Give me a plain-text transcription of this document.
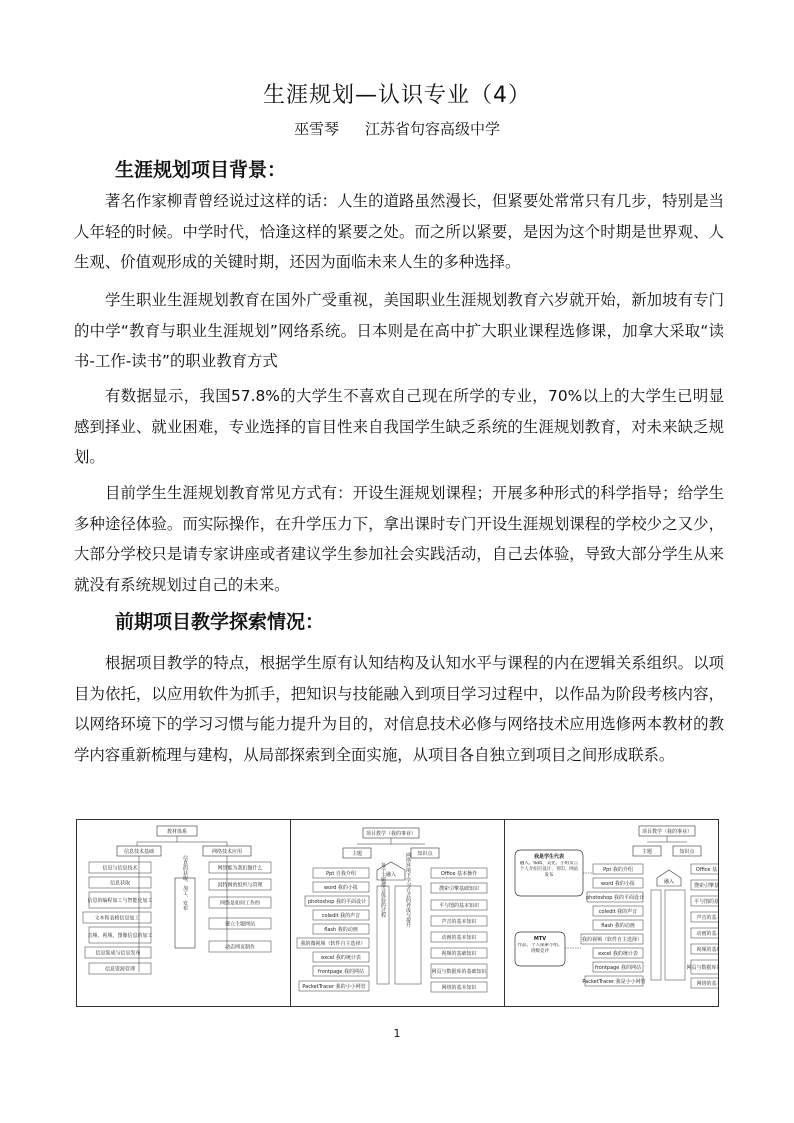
生涯规划—认识专业（4）
巫雪琴 江苏省句容高级中学
生涯规划项目背景：

著名作家柳青曾经说过这样的话：人生的道路虽然漫长，但紧要处常常只有几步，特别是当人年轻的时候。中学时代，恰逢这样的紧要之处。而之所以紧要，是因为这个时期是世界观、人生观、价值观形成的关键时期，还因为面临未来人生的多种选择。

学生职业生涯规划教育在国外广受重视，美国职业生涯规划教育六岁就开始，新加坡有专门的中学“教育与职业生涯规划”网络系统。日本则是在高中扩大职业课程选修课，加拿大采取“读书-工作-读书”的职业教育方式

有数据显示，我国57.8%的大学生不喜欢自己现在所学的专业，70%以上的大学生已明显感到择业、就业困难，专业选择的盲目性来自我国学生缺乏系统的生涯规划教育，对未来缺乏规划。

目前学生生涯规划教育常见方式有：开设生涯规划课程；开展多种形式的科学指导；给学生多种途径体验。而实际操作，在升学压力下，拿出课时专门开设生涯规划课程的学校少之又少，大部分学校只是请专家讲座或者建议学生参加社会实践活动，自己去体验，导致大部分学生从来就没有系统规划过自己的未来。

前期项目教学探索情况：

根据项目教学的特点，根据学生原有认知结构及认知水平与课程的内在逻辑关系组织。以项目为依托，以应用软件为抓手，把知识与技能融入到项目学习过程中，以作品为阶段考核内容，以网络环境下的学习习惯与能力提升为目的，对信息技术必修与网络技术应用选修两本教材的教学内容重新梳理与建构，从局部探索到全面实施，从项目各自独立到项目之间形成联系。

教材体系
信息技术基础	网络技术应用
信息与信息技术
信息获取
信息的编程加工与智能化加工
文本和表格信息加工
音频、视频、图像信息的加工
信息集成与信息发布
信息资源管理
网络能为我们做什么
因特网的组织与管理
网络是如何工作的
建立主题网站
动态网页制作
信息的获取、加工、发布
项目教学（我的事业）
主题	知识点
融入
Ppt 自我介绍
word 我的小报
photoshop 我的平面设计
coledit 我的声音
flash 我的动画
我的微视频（软件自主选择）
excel 我的统计表
frontpage 我的网站
PacketTracer 我的小小网管
Office 基本操作
搜索引擎基础知识
平与图的基本知识
声音的基本知识
动画的基本知识
视频的基础知识
网页与数据库的基础知识
网络的基本知识
每个主题都会体验的过程	网络环境下学习方式的养成与提升
项目教学（我的事业）
主题	知识点
我是学生代表
融入、编辑、美化、小组发言个人介绍页设计、刊印、网站发布
MTV
作品、个人探索小组、班级竞评
融入
Ppt 我的介绍
word 我的小报
photoshop 我的平面设计
coledit 我的声音
flash 我的动画
我的视频（软件自主选择）
excel 我的统计表
frontpage 我的网站
PacketTracer 我是小小网管
Office 基本操作
搜索引擎基础知识
平与图的基本知识
声音的基本知识
动画的基本知识
视频的基础知识
网页与数据库的基础知识
网络的基本知识
1
